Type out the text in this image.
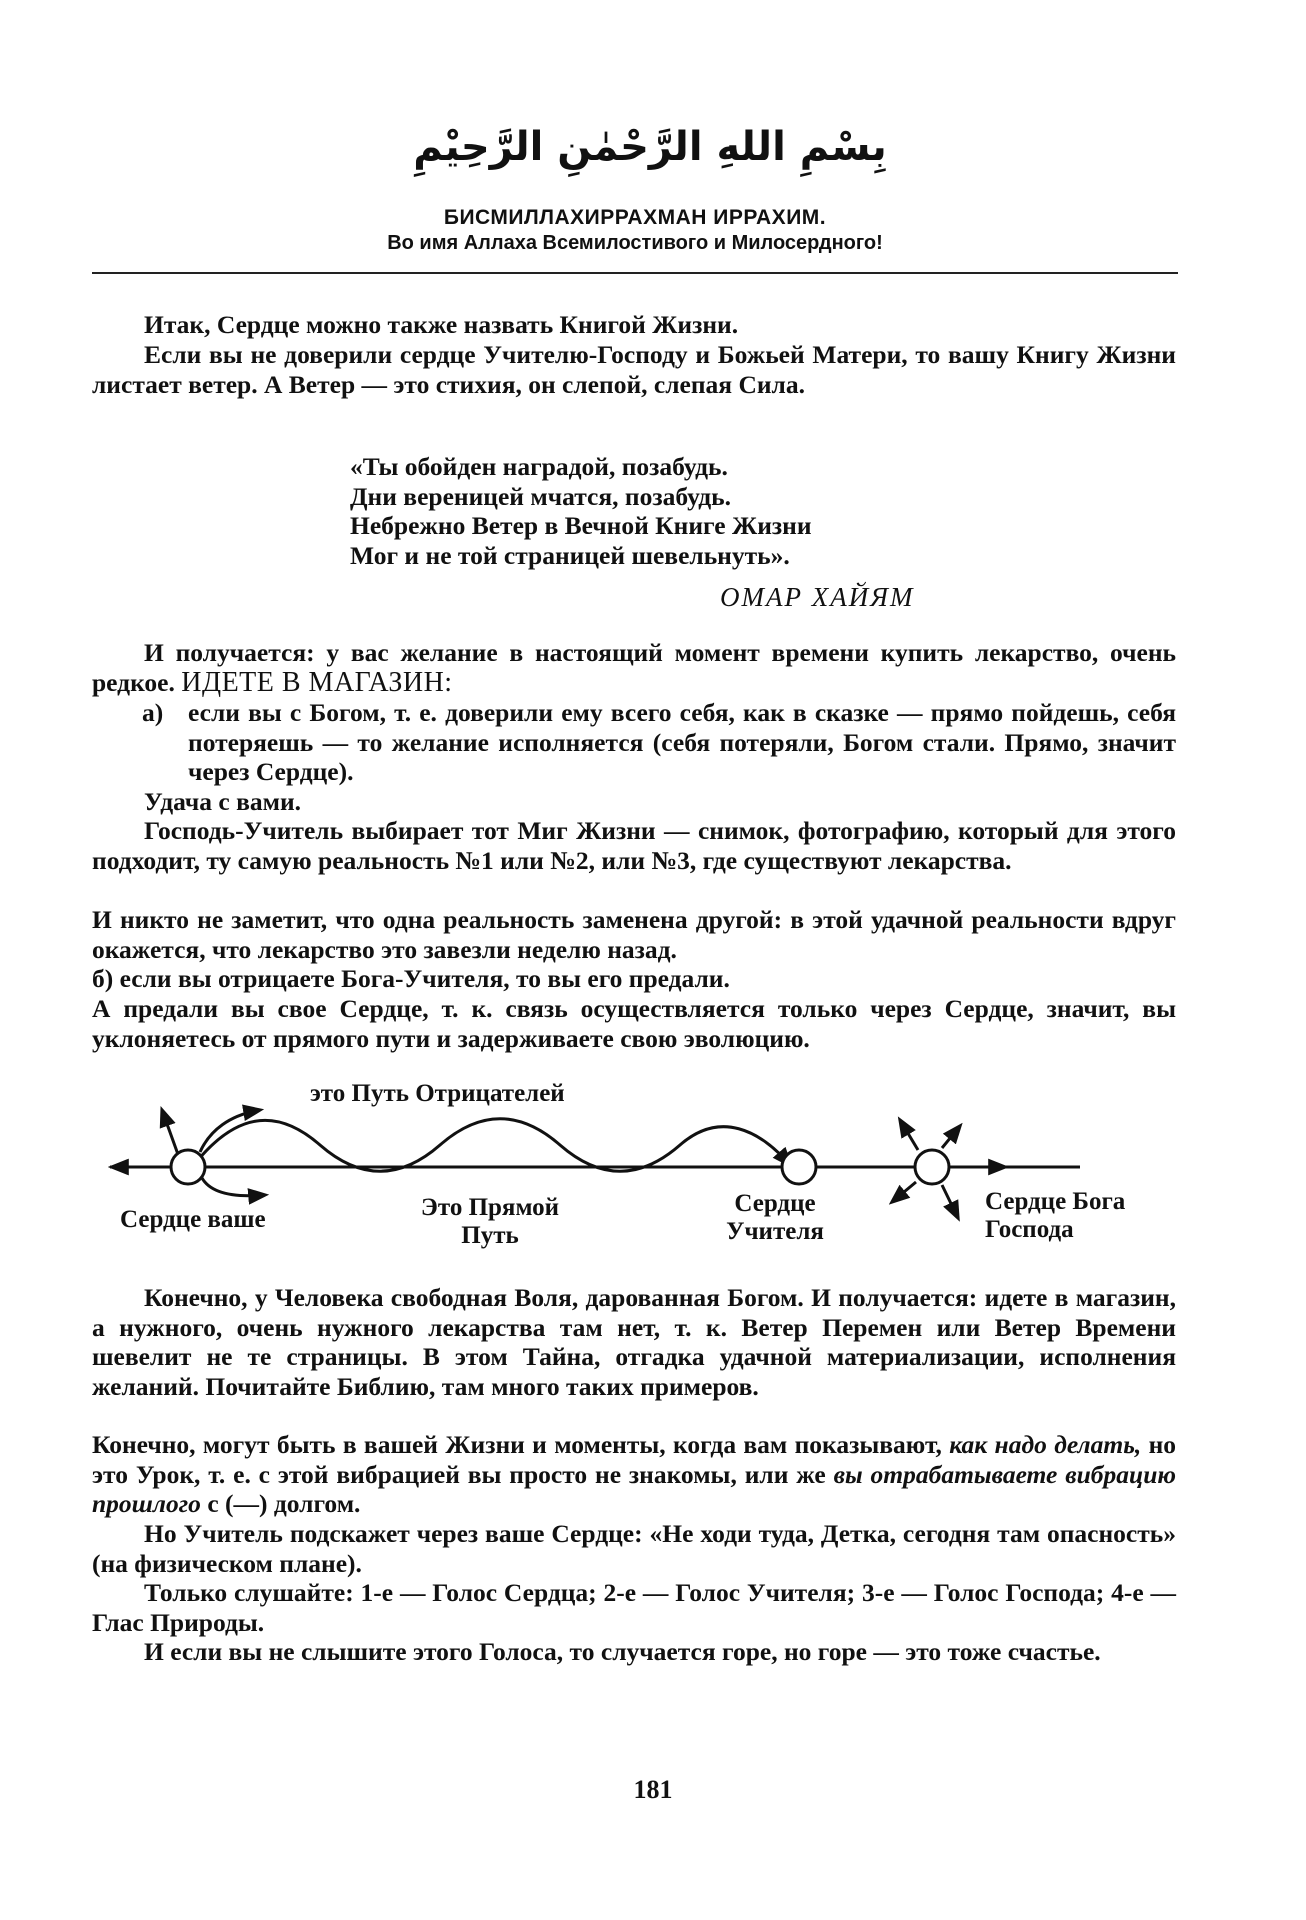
بِسْمِ اللهِ الرَّحْمٰنِ الرَّحِيْمِ
БИСМИЛЛАХИРРАХМАН ИРРАХИМ.
Во имя Аллаха Всемилостивого и Милосердного!
Итак, Сердце можно также назвать Книгой Жизни.
Если вы не доверили сердце Учителю-Господу и Божьей Матери, то вашу Книгу Жизни листает ветер. А Ветер — это стихия, он слепой, слепая Сила.
«Ты обойден наградой, позабудь.
Дни вереницей мчатся, позабудь.
Небрежно Ветер в Вечной Книге Жизни
Мог и не той страницей шевельнуть».
ОМАР ХАЙЯМ
И получается: у вас желание в настоящий момент времени купить лекарство, очень редкое. ИДЕТЕ В МАГАЗИН:
а) если вы с Богом, т. е. доверили ему всего себя, как в сказке — прямо пойдешь, себя потеряешь — то желание исполняется (себя потеряли, Богом стали. Прямо, значит через Сердце).
Удача с вами.
Господь-Учитель выбирает тот Миг Жизни — снимок, фотографию, который для этого подходит, ту самую реальность №1 или №2, или №3, где существуют лекарства.
И никто не заметит, что одна реальность заменена другой: в этой удачной реальности вдруг окажется, что лекарство это завезли неделю назад.
б) если вы отрицаете Бога-Учителя, то вы его предали.
А предали вы свое Сердце, т. к. связь осуществляется только через Сердце, значит, вы уклоняетесь от прямого пути и задерживаете свою эволюцию.
это Путь Отрицателей
Сердце ваше	Это Прямой
Путь
Сердце
Учителя
Сердце Бога
Господа
Конечно, у Человека свободная Воля, дарованная Богом. И получается: идете в магазин, а нужного, очень нужного лекарства там нет, т. к. Ветер Перемен или Ветер Времени шевелит не те страницы. В этом Тайна, отгадка удачной материализации, исполнения желаний. Почитайте Библию, там много таких примеров.
Конечно, могут быть в вашей Жизни и моменты, когда вам показывают, как надо делать, но это Урок, т. е. с этой вибрацией вы просто не знакомы, или же вы отрабатываете вибрацию прошлого с (—) долгом.
Но Учитель подскажет через ваше Сердце: «Не ходи туда, Детка, сегодня там опасность» (на физическом плане).
Только слушайте: 1-е — Голос Сердца; 2-е — Голос Учителя; 3-е — Голос Господа; 4-е — Глас Природы.
И если вы не слышите этого Голоса, то случается горе, но горе — это тоже счастье.
181
